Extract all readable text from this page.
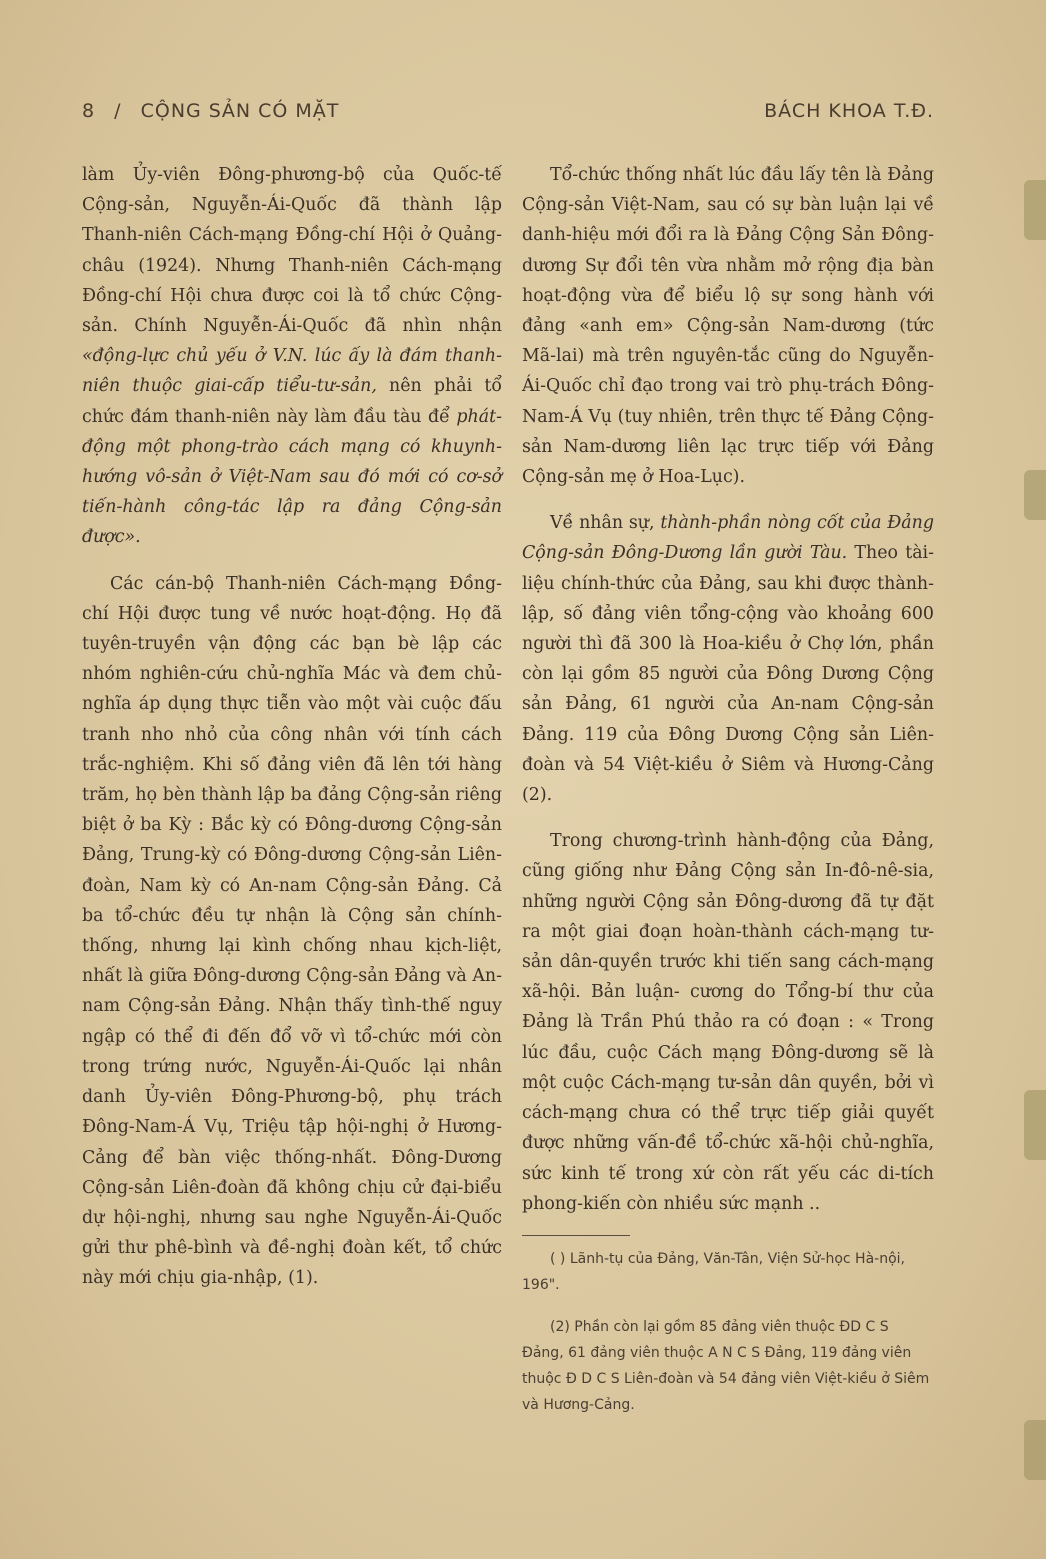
8 / CỘNG SẢN CÓ MẶT	BÁCH KHOA T.Đ.

làm Ủy-viên Đông-phương-bộ của Quốc-tế Cộng-sản, Nguyễn-Ái-Quốc đã thành lập Thanh-niên Cách-mạng Đồng-chí Hội ở Quảng-châu (1924). Nhưng Thanh-niên Cách-mạng Đồng-chí Hội chưa được coi là tổ chức Cộng-sản. Chính Nguyễn-Ái-Quốc đã nhìn nhận «động-lực chủ yếu ở V.N. lúc ấy là đám thanh-niên thuộc giai-cấp tiểu-tư-sản, nên phải tổ chức đám thanh-niên này làm đầu tàu để phát-động một phong-trào cách mạng có khuynh-hướng vô-sản ở Việt-Nam sau đó mới có cơ-sở tiến-hành công-tác lập ra đảng Cộng-sản được».

Các cán-bộ Thanh-niên Cách-mạng Đồng-chí Hội được tung về nước hoạt-động. Họ đã tuyên-truyền vận động các bạn bè lập các nhóm nghiên-cứu chủ-nghĩa Mác và đem chủ-nghĩa áp dụng thực tiễn vào một vài cuộc đấu tranh nho nhỏ của công nhân với tính cách trắc-nghiệm. Khi số đảng viên đã lên tới hàng trăm, họ bèn thành lập ba đảng Cộng-sản riêng biệt ở ba Kỳ : Bắc kỳ có Đông-dương Cộng-sản Đảng, Trung-kỳ có Đông-dương Cộng-sản Liên-đoàn, Nam kỳ có An-nam Cộng-sản Đảng. Cả ba tổ-chức đều tự nhận là Cộng sản chính-thống, nhưng lại kình chống nhau kịch-liệt, nhất là giữa Đông-dương Cộng-sản Đảng và An-nam Cộng-sản Đảng. Nhận thấy tình-thế nguy ngập có thể đi đến đổ vỡ vì tổ-chức mới còn trong trứng nước, Nguyễn-Ái-Quốc lại nhân danh Ủy-viên Đông-Phương-bộ, phụ trách Đông-Nam-Á Vụ, Triệu tập hội-nghị ở Hương-Cảng để bàn việc thống-nhất. Đông-Dương Cộng-sản Liên-đoàn đã không chịu cử đại-biểu dự hội-nghị, nhưng sau nghe Nguyễn-Ái-Quốc gửi thư phê-bình và đề-nghị đoàn kết, tổ chức này mới chịu gia-nhập, (1).

Tổ-chức thống nhất lúc đầu lấy tên là Đảng Cộng-sản Việt-Nam, sau có sự bàn luận lại về danh-hiệu mới đổi ra là Đảng Cộng Sản Đông-dương Sự đổi tên vừa nhằm mở rộng địa bàn hoạt-động vừa để biểu lộ sự song hành với đảng «anh em» Cộng-sản Nam-dương (tức Mã-lai) mà trên nguyên-tắc cũng do Nguyễn-Ái-Quốc chỉ đạo trong vai trò phụ-trách Đông-Nam-Á Vụ (tuy nhiên, trên thực tế Đảng Cộng-sản Nam-dương liên lạc trực tiếp với Đảng Cộng-sản mẹ ở Hoa-Lục).

Về nhân sự, thành-phần nòng cốt của Đảng Cộng-sản Đông-Dương lần gười Tàu. Theo tài-liệu chính-thức của Đảng, sau khi được thành-lập, số đảng viên tổng-cộng vào khoảng 600 người thì đã 300 là Hoa-kiều ở Chợ lớn, phần còn lại gồm 85 người của Đông Dương Cộng sản Đảng, 61 người của An-nam Cộng-sản Đảng. 119 của Đông Dương Cộng sản Liên-đoàn và 54 Việt-kiều ở Siêm và Hương-Cảng (2).

Trong chương-trình hành-động của Đảng, cũng giống như Đảng Cộng sản In-đô-nê-sia, những người Cộng sản Đông-dương đã tự đặt ra một giai đoạn hoàn-thành cách-mạng tư-sản dân-quyền trước khi tiến sang cách-mạng xã-hội. Bản luận- cương do Tổng-bí thư của Đảng là Trần Phú thảo ra có đoạn : « Trong lúc đầu, cuộc Cách mạng Đông-dương sẽ là một cuộc Cách-mạng tư-sản dân quyền, bởi vì cách-mạng chưa có thể trực tiếp giải quyết được những vấn-đề tổ-chức xã-hội chủ-nghĩa, sức kinh tế trong xứ còn rất yếu các di-tích phong-kiến còn nhiều sức mạnh ..

( ) Lãnh-tụ của Đảng, Văn-Tân, Viện Sử-học Hà-nội, 196".

(2) Phần còn lại gồm 85 đảng viên thuộc ĐD C S Đảng, 61 đảng viên thuộc A N C S Đảng, 119 đảng viên thuộc Đ D C S Liên-đoàn và 54 đảng viên Việt-kiều ở Siêm và Hương-Cảng.
